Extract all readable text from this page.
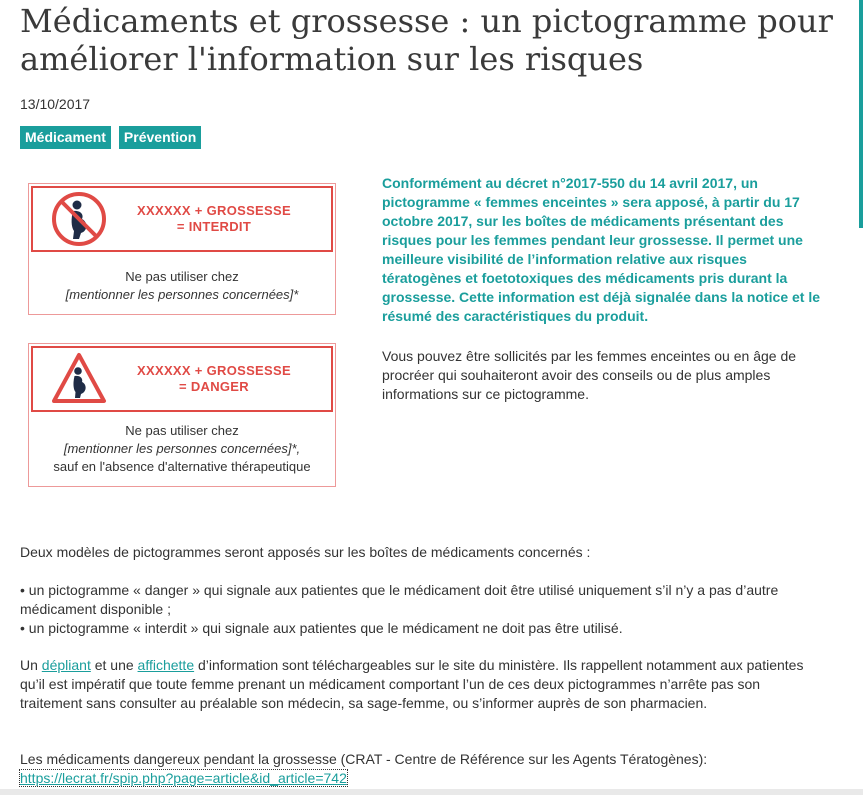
Médicaments et grossesse : un pictogramme pour améliorer l'information sur les risques
13/10/2017
Médicament	Prévention
XXXXXX + GROSSESSE
= INTERDIT
Ne pas utiliser chez
[mentionner les personnes concernées]*
XXXXXX + GROSSESSE
= DANGER
Ne pas utiliser chez
[mentionner les personnes concernées]*,
sauf en l'absence d'alternative thérapeutique

Conformément au décret n°2017-550 du 14 avril 2017, un pictogramme « femmes enceintes » sera apposé, à partir du 17 octobre 2017, sur les boîtes de médicaments présentant des risques pour les femmes pendant leur grossesse. Il permet une meilleure visibilité de l’information relative aux risques tératogènes et foetotoxiques des médicaments pris durant la grossesse. Cette information est déjà signalée dans la notice et le résumé des caractéristiques du produit.

Vous pouvez être sollicités par les femmes enceintes ou en âge de procréer qui souhaiteront avoir des conseils ou de plus amples informations sur ce pictogramme.

Deux modèles de pictogrammes seront apposés sur les boîtes de médicaments concernés :

• un pictogramme « danger » qui signale aux patientes que le médicament doit être utilisé uniquement s’il n’y a pas d’autre médicament disponible ;
• un pictogramme « interdit » qui signale aux patientes que le médicament ne doit pas être utilisé.

Un dépliant et une affichette d’information sont téléchargeables sur le site du ministère. Ils rappellent notamment aux patientes qu’il est impératif que toute femme prenant un médicament comportant l’un de ces deux pictogrammes n’arrête pas son traitement sans consulter au préalable son médecin, sa sage-femme, ou s’informer auprès de son pharmacien.

Les médicaments dangereux pendant la grossesse (CRAT - Centre de Référence sur les Agents Tératogènes):
https://lecrat.fr/spip.php?page=article&id_article=742
